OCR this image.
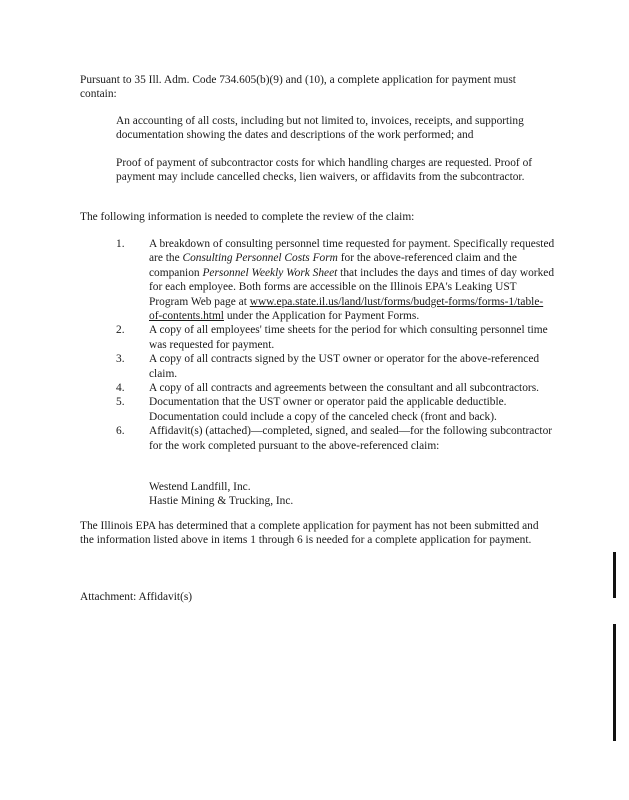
Pursuant to 35 Ill. Adm. Code 734.605(b)(9) and (10), a complete application for payment must contain:

An accounting of all costs, including but not limited to, invoices, receipts, and supporting documentation showing the dates and descriptions of the work performed; and

Proof of payment of subcontractor costs for which handling charges are requested. Proof of payment may include cancelled checks, lien waivers, or affidavits from the subcontractor.

The following information is needed to complete the review of the claim:

1. A breakdown of consulting personnel time requested for payment. Specifically requested are the Consulting Personnel Costs Form for the above-referenced claim and the companion Personnel Weekly Work Sheet that includes the days and times of day worked for each employee. Both forms are accessible on the Illinois EPA's Leaking UST Program Web page at www.epa.state.il.us/land/lust/forms/budget-forms/forms-1/table-of-contents.html under the Application for Payment Forms.
2. A copy of all employees' time sheets for the period for which consulting personnel time was requested for payment.
3. A copy of all contracts signed by the UST owner or operator for the above-referenced claim.
4. A copy of all contracts and agreements between the consultant and all subcontractors.
5. Documentation that the UST owner or operator paid the applicable deductible. Documentation could include a copy of the canceled check (front and back).
6. Affidavit(s) (attached)—completed, signed, and sealed—for the following subcontractor for the work completed pursuant to the above-referenced claim:

Westend Landfill, Inc.

Hastie Mining & Trucking, Inc.

The Illinois EPA has determined that a complete application for payment has not been submitted and the information listed above in items 1 through 6 is needed for a complete application for payment.

Attachment: Affidavit(s)
